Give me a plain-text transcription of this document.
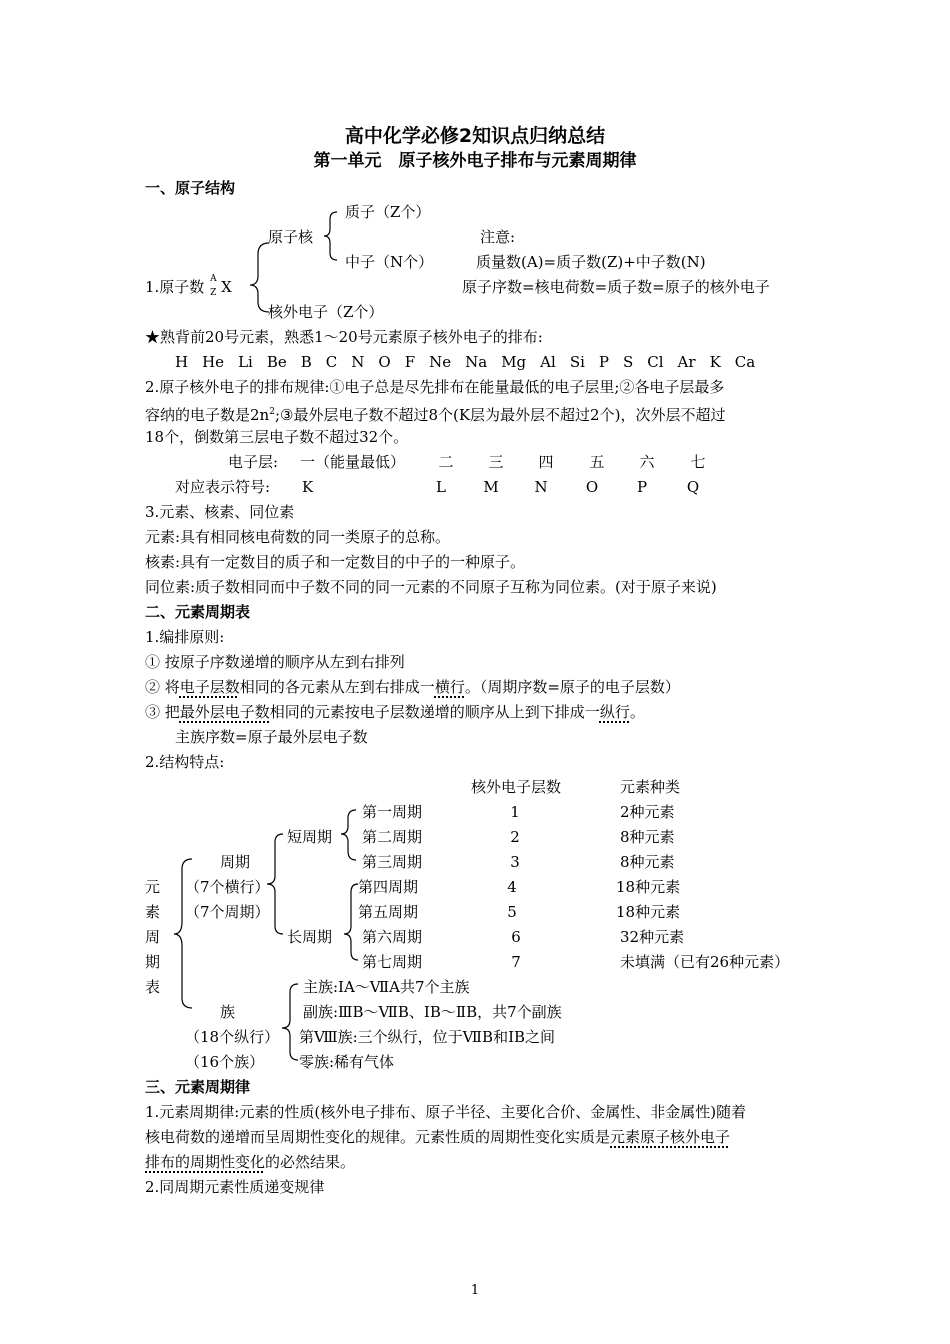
高中化学必修2知识点归纳总结
第一单元　原子核外电子排布与元素周期律
一、原子结构
质子（Z个）
原子核	注意:
中子（N个）	质量数(A)=质子数(Z)+中子数(N)
1.原子数 A
Z X	原子序数=核电荷数=质子数=原子的核外电子
核外电子（Z个）
★熟背前20号元素，熟悉1～20号元素原子核外电子的排布:
H He Li Be B C N O F Ne Na Mg Al Si P S Cl Ar K Ca
2.原子核外电子的排布规律:①电子总是尽先排布在能量最低的电子层里;②各电子层最多
容纳的电子数是$2n^2;③$最外层电子数不超过8个(K层为最外层不超过2个)，次外层不超过
18个，倒数第三层电子数不超过32个。
电子层: 一（能量最低）	二	三	四	五	六	七
对应表示符号: K	L	M	N	O	P	Q
3.元素、核素、同位素
元素:具有相同核电荷数的同一类原子的总称。
核素:具有一定数目的质子和一定数目的中子的一种原子。
同位素:质子数相同而中子数不同的同一元素的不同原子互称为同位素。(对于原子来说)
二、元素周期表
1.编排原则:
① 按原子序数递增的顺序从左到右排列
② 将电子层数相同的各元素从左到右排成一横行。（周期序数=原子的电子层数）
③ 把最外层电子数相同的元素按电子层数递增的顺序从上到下排成一纵行。
主族序数=原子最外层电子数
2.结构特点:
核外电子层数	元素种类
第一周期	1	2种元素
第二周期	2	8种元素
第三周期	3	8种元素
第四周期	4	18种元素
第五周期	5	18种元素
第六周期	6	32种元素
第七周期	7	未填满（已有26种元素）
短周期
长周期
周期
（7个横行）
（7个周期）
元
素
周
期
表	主族:ⅠA～ⅦA共7个主族
族	副族:ⅢB～ⅦB、ⅠB～ⅡB，共7个副族
（18个纵行） 第Ⅷ族:三个纵行，位于ⅦB和ⅠB之间
（16个族） 零族:稀有气体
三、元素周期律
1.元素周期律:元素的性质(核外电子排布、原子半径、主要化合价、金属性、非金属性)随着
核电荷数的递增而呈周期性变化的规律。元素性质的周期性变化实质是元素原子核外电子
排布的周期性变化的必然结果。
2.同周期元素性质递变规律
1
